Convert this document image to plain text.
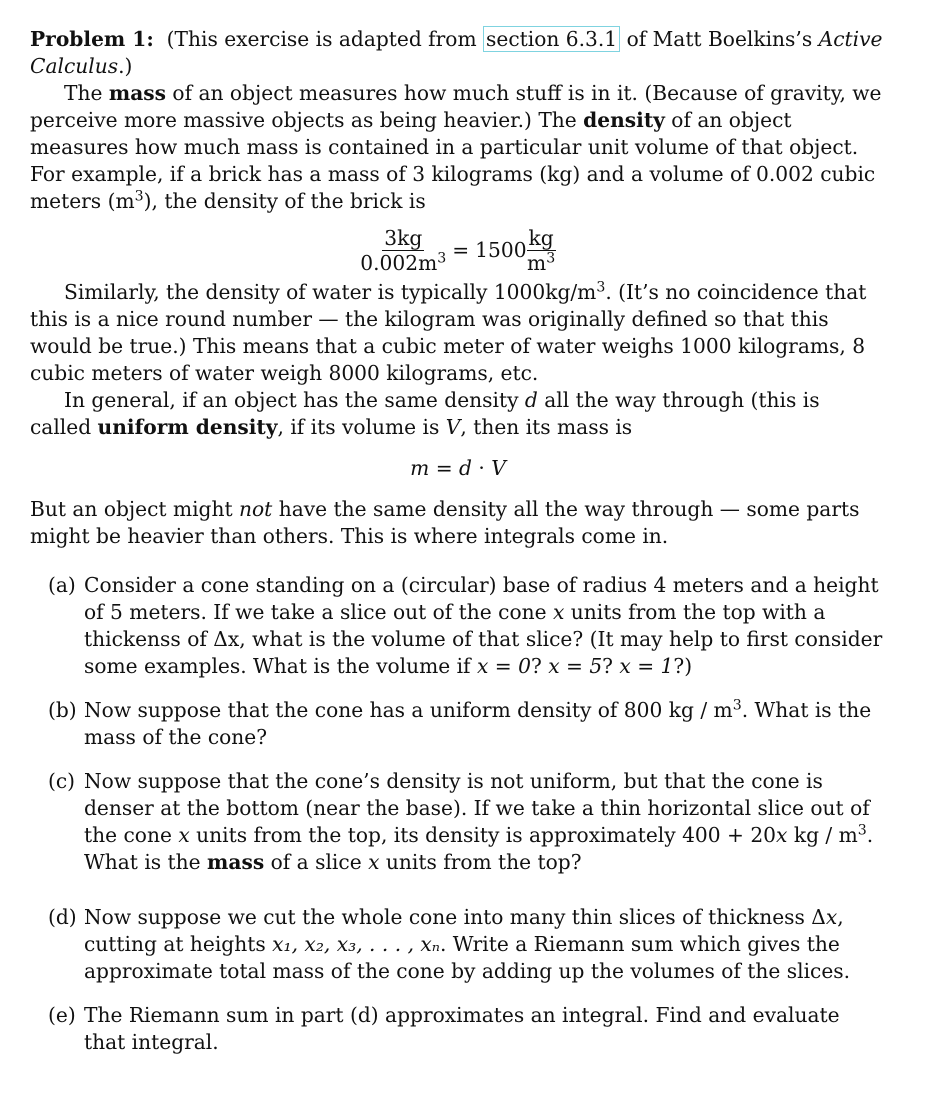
Problem 1: (This exercise is adapted from section 6.3.1 of Matt Boelkins’s Active Calculus.)

The mass of an object measures how much stuff is in it. (Because of gravity, we perceive more massive objects as being heavier.) The density of an object measures how much mass is contained in a particular unit volume of that object. For example, if a brick has a mass of 3 kilograms (kg) and a volume of 0.002 cubic meters $(m^3)$, the density of the brick is

$\frac{3kg}{0.002m^3} = 1500 \frac{kg}{m^3}$

Similarly, the density of water is typically $1000kg/m^3$. (It’s no coincidence that this is a nice round number — the kilogram was originally defined so that this would be true.) This means that a cubic meter of water weighs 1000 kilograms, 8 cubic meters of water weigh 8000 kilograms, etc.

In general, if an object has the same density d all the way through (this is called uniform density, if its volume is V, then its mass is

m = d · V

But an object might not have the same density all the way through — some parts might be heavier than others. This is where integrals come in.

(a) Consider a cone standing on a (circular) base of radius 4 meters and a height of 5 meters. If we take a slice out of the cone x units from the top with a thickenss of Δx, what is the volume of that slice? (It may help to first consider some examples. What is the volume if x = 0? x = 5? x = 1?)
(b) Now suppose that the cone has a uniform density of 800 kg / $m^3$. What is the mass of the cone?
(c) Now suppose that the cone’s density is not uniform, but that the cone is denser at the bottom (near the base). If we take a thin horizontal slice out of the cone x units from the top, its density is approximately 400 + 20x kg / $m^3$. What is the mass of a slice x units from the top?
(d) Now suppose we cut the whole cone into many thin slices of thickness Δx, cutting at heights x₁, x₂, x₃, . . . , xₙ. Write a Riemann sum which gives the approximate total mass of the cone by adding up the volumes of the slices.
(e) The Riemann sum in part (d) approximates an integral. Find and evaluate that integral.
